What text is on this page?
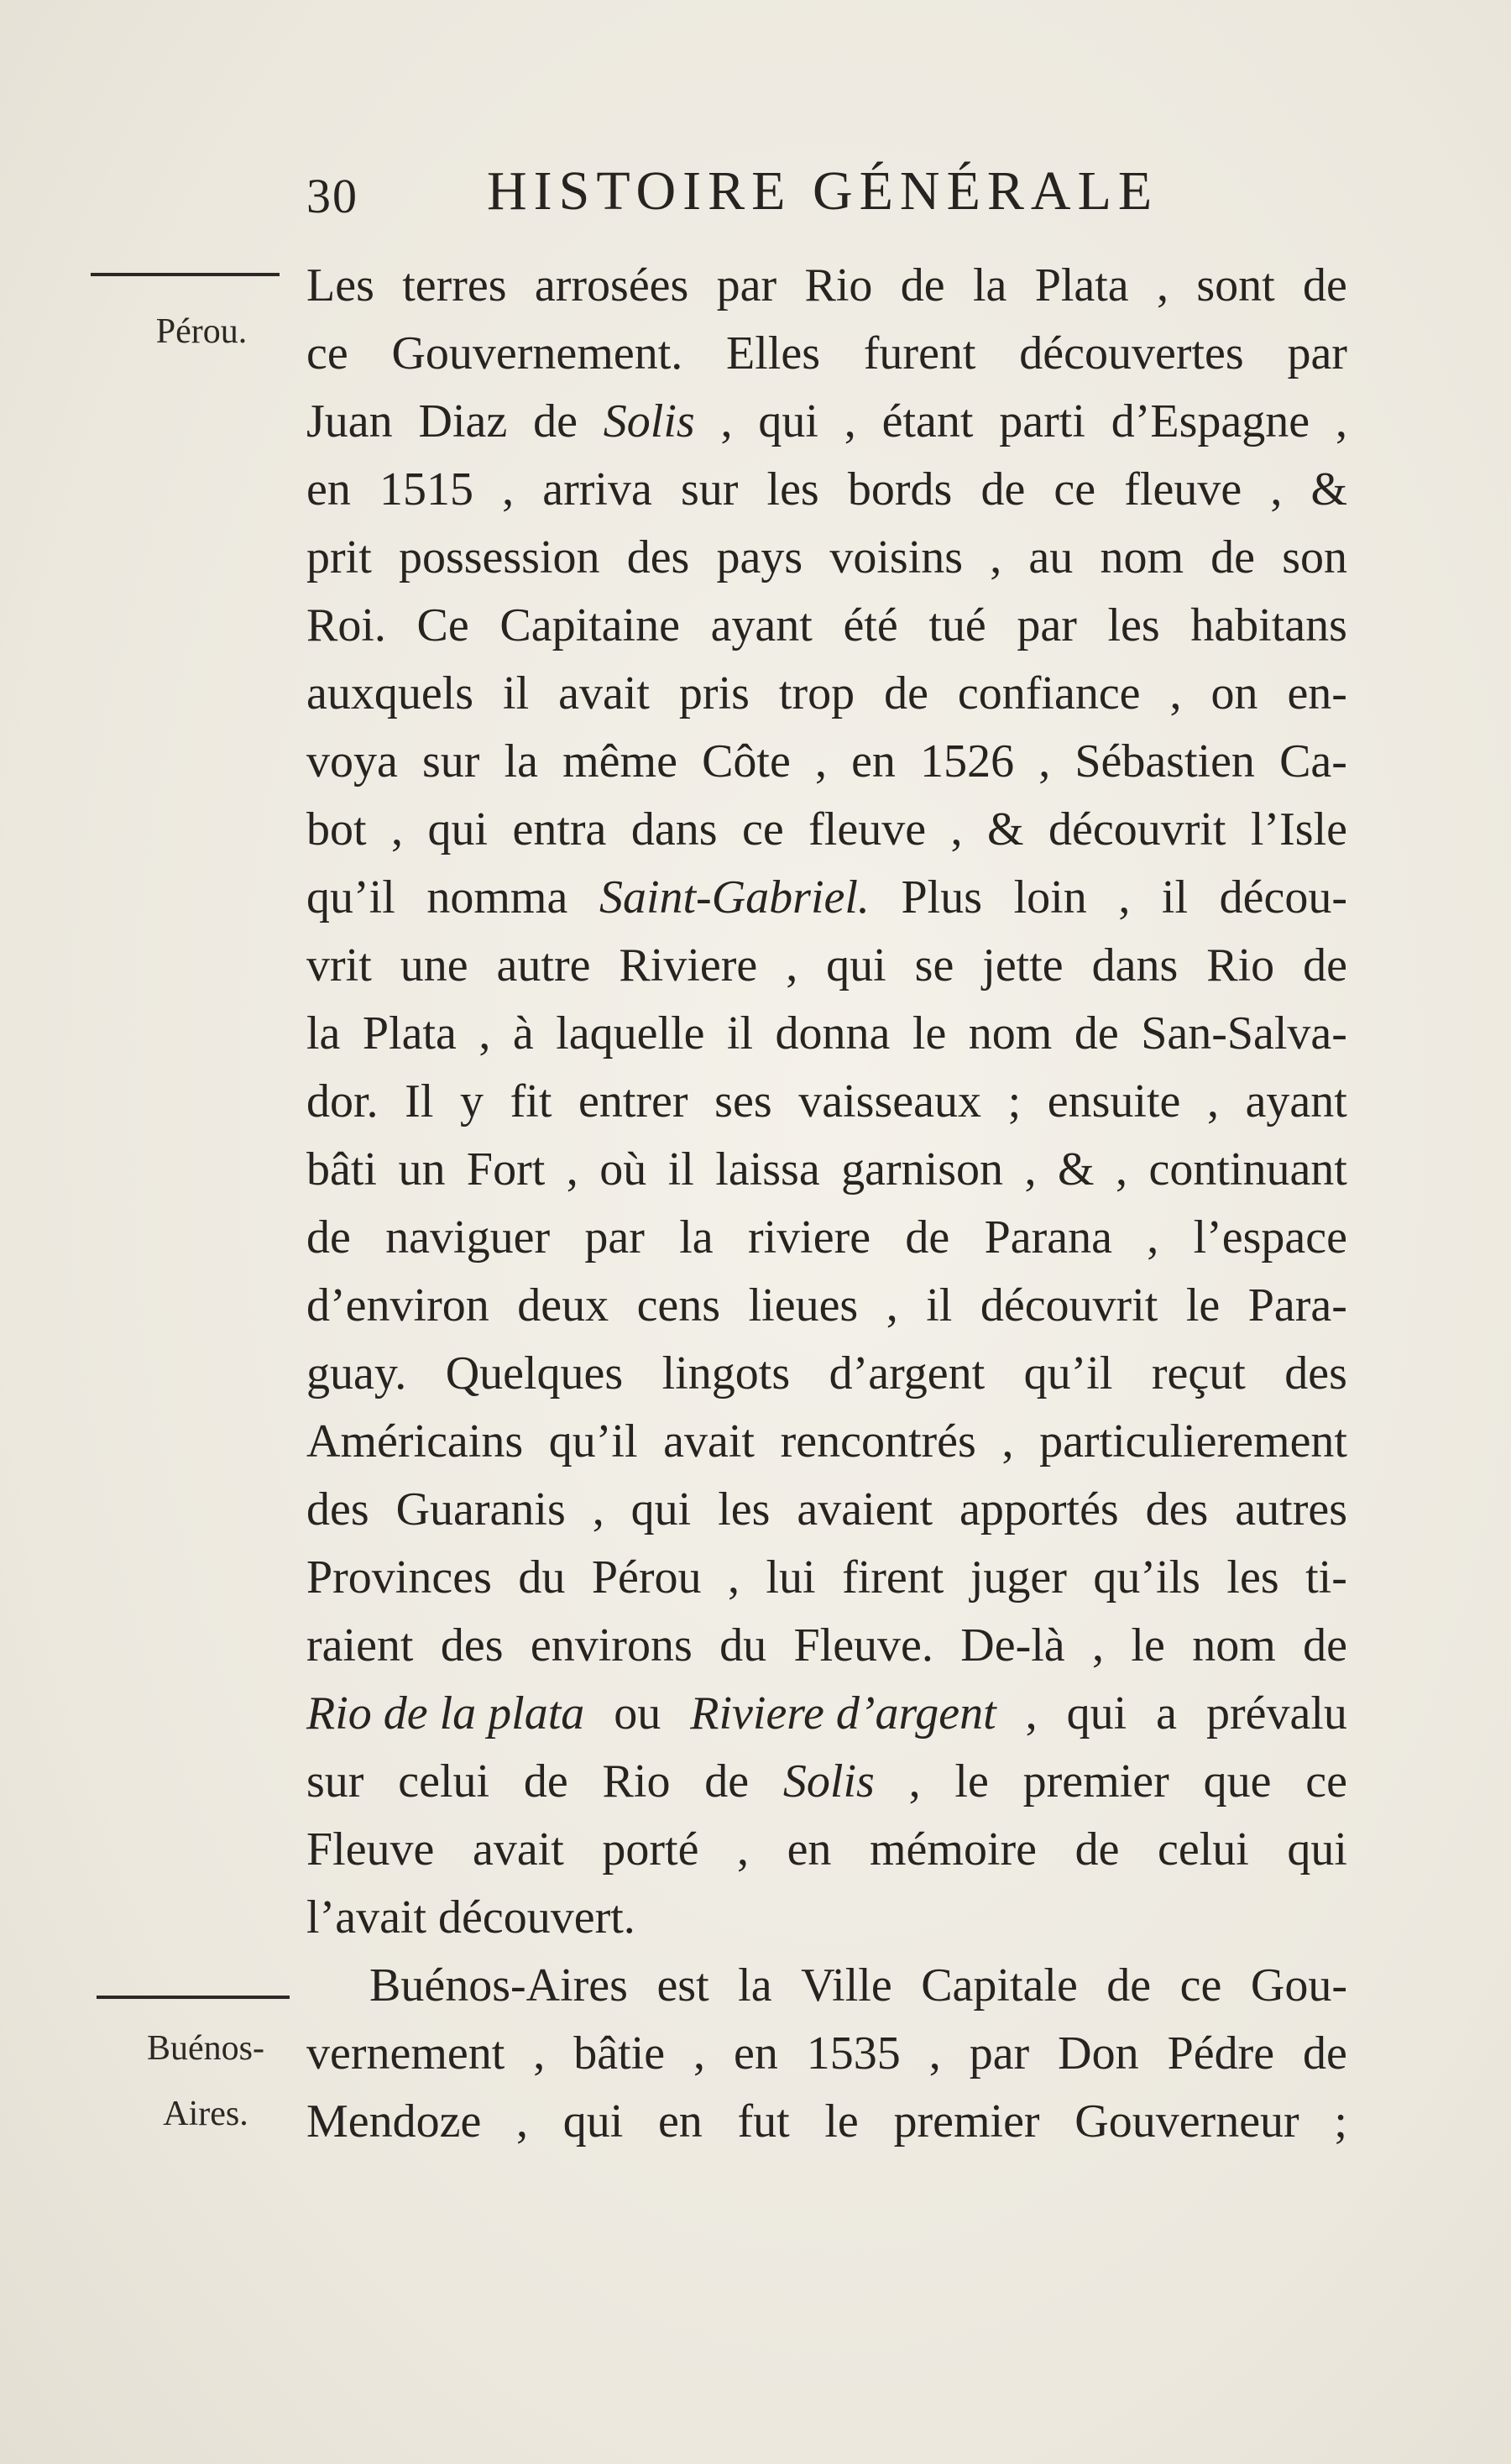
30 HISTOIRE GÉNÉRALE
Pérou.
Buénos-
Aires.
Les terres arrosées par Rio de la Plata , sont de
ce Gouvernement. Elles furent découvertes par
Juan Diaz de Solis , qui , étant parti d’Espagne ,
en 1515 , arriva sur les bords de ce fleuve , &
prit possession des pays voisins , au nom de son
Roi. Ce Capitaine ayant été tué par les habitans
auxquels il avait pris trop de confiance , on en-
voya sur la même Côte , en 1526 , Sébastien Ca-
bot , qui entra dans ce fleuve , & découvrit l’Isle
qu’il nomma Saint-Gabriel. Plus loin , il décou-
vrit une autre Riviere , qui se jette dans Rio de
la Plata , à laquelle il donna le nom de San-Salva-
dor. Il y fit entrer ses vaisseaux ; ensuite , ayant
bâti un Fort , où il laissa garnison , & , continuant
de naviguer par la riviere de Parana , l’espace
d’environ deux cens lieues , il découvrit le Para-
guay. Quelques lingots d’argent qu’il reçut des
Américains qu’il avait rencontrés , particulierement
des Guaranis , qui les avaient apportés des autres
Provinces du Pérou , lui firent juger qu’ils les ti-
raient des environs du Fleuve. De-là , le nom de
Rio de la plata ou Riviere d’argent , qui a prévalu
sur celui de Rio de Solis , le premier que ce
Fleuve avait porté , en mémoire de celui qui
l’avait découvert.
Buénos-Aires est la Ville Capitale de ce Gou-
vernement , bâtie , en 1535 , par Don Pédre de
Mendoze , qui en fut le premier Gouverneur ;
